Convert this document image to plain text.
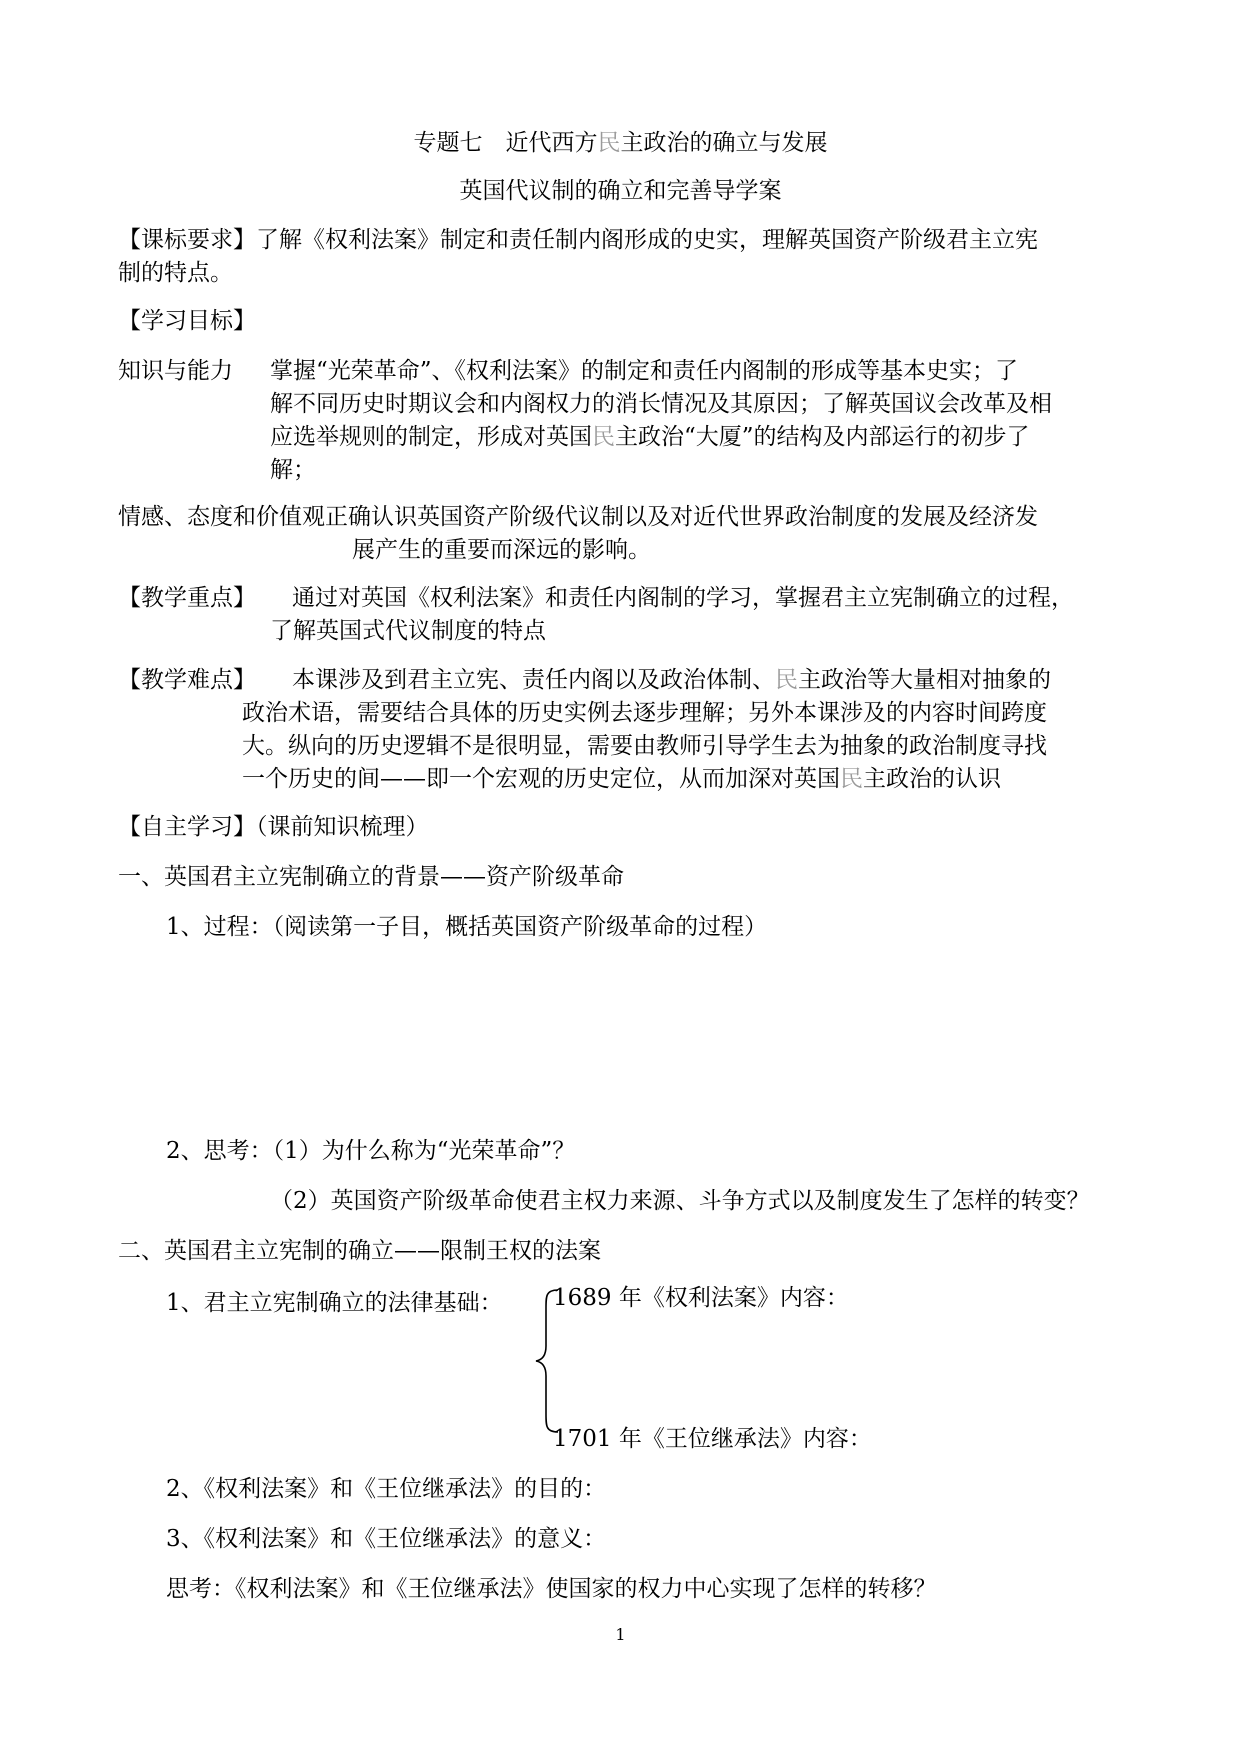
专题七　近代西方民主政治的确立与发展
英国代议制的确立和完善导学案
【课标要求】了解《权利法案》制定和责任制内阁形成的史实，理解英国资产阶级君主立宪
制的特点。
【学习目标】
知识与能力 掌握“光荣革命”、《权利法案》的制定和责任内阁制的形成等基本史实；了
解不同历史时期议会和内阁权力的消长情况及其原因；了解英国议会改革及相
应选举规则的制定，形成对英国民主政治“大厦”的结构及内部运行的初步了
解；
情感、态度和价值观正确认识英国资产阶级代议制以及对近代世界政治制度的发展及经济发
展产生的重要而深远的影响。
【教学重点】 通过对英国《权利法案》和责任内阁制的学习，掌握君主立宪制确立的过程，
了解英国式代议制度的特点
【教学难点】 本课涉及到君主立宪、责任内阁以及政治体制、民主政治等大量相对抽象的
政治术语，需要结合具体的历史实例去逐步理解；另外本课涉及的内容时间跨度
大。纵向的历史逻辑不是很明显，需要由教师引导学生去为抽象的政治制度寻找
一个历史的间——即一个宏观的历史定位，从而加深对英国民主政治的认识
【自主学习】（课前知识梳理）
一、英国君主立宪制确立的背景——资产阶级革命
1、过程：（阅读第一子目，概括英国资产阶级革命的过程）
2、思考：（1）为什么称为“光荣革命”？
（2）英国资产阶级革命使君主权力来源、斗争方式以及制度发生了怎样的转变？
二、英国君主立宪制的确立——限制王权的法案
1、君主立宪制确立的法律基础： 1689 年《权利法案》内容：
1701 年《王位继承法》内容：
2、《权利法案》和《王位继承法》的目的：
3、《权利法案》和《王位继承法》的意义：
思考：《权利法案》和《王位继承法》使国家的权力中心实现了怎样的转移？
1
